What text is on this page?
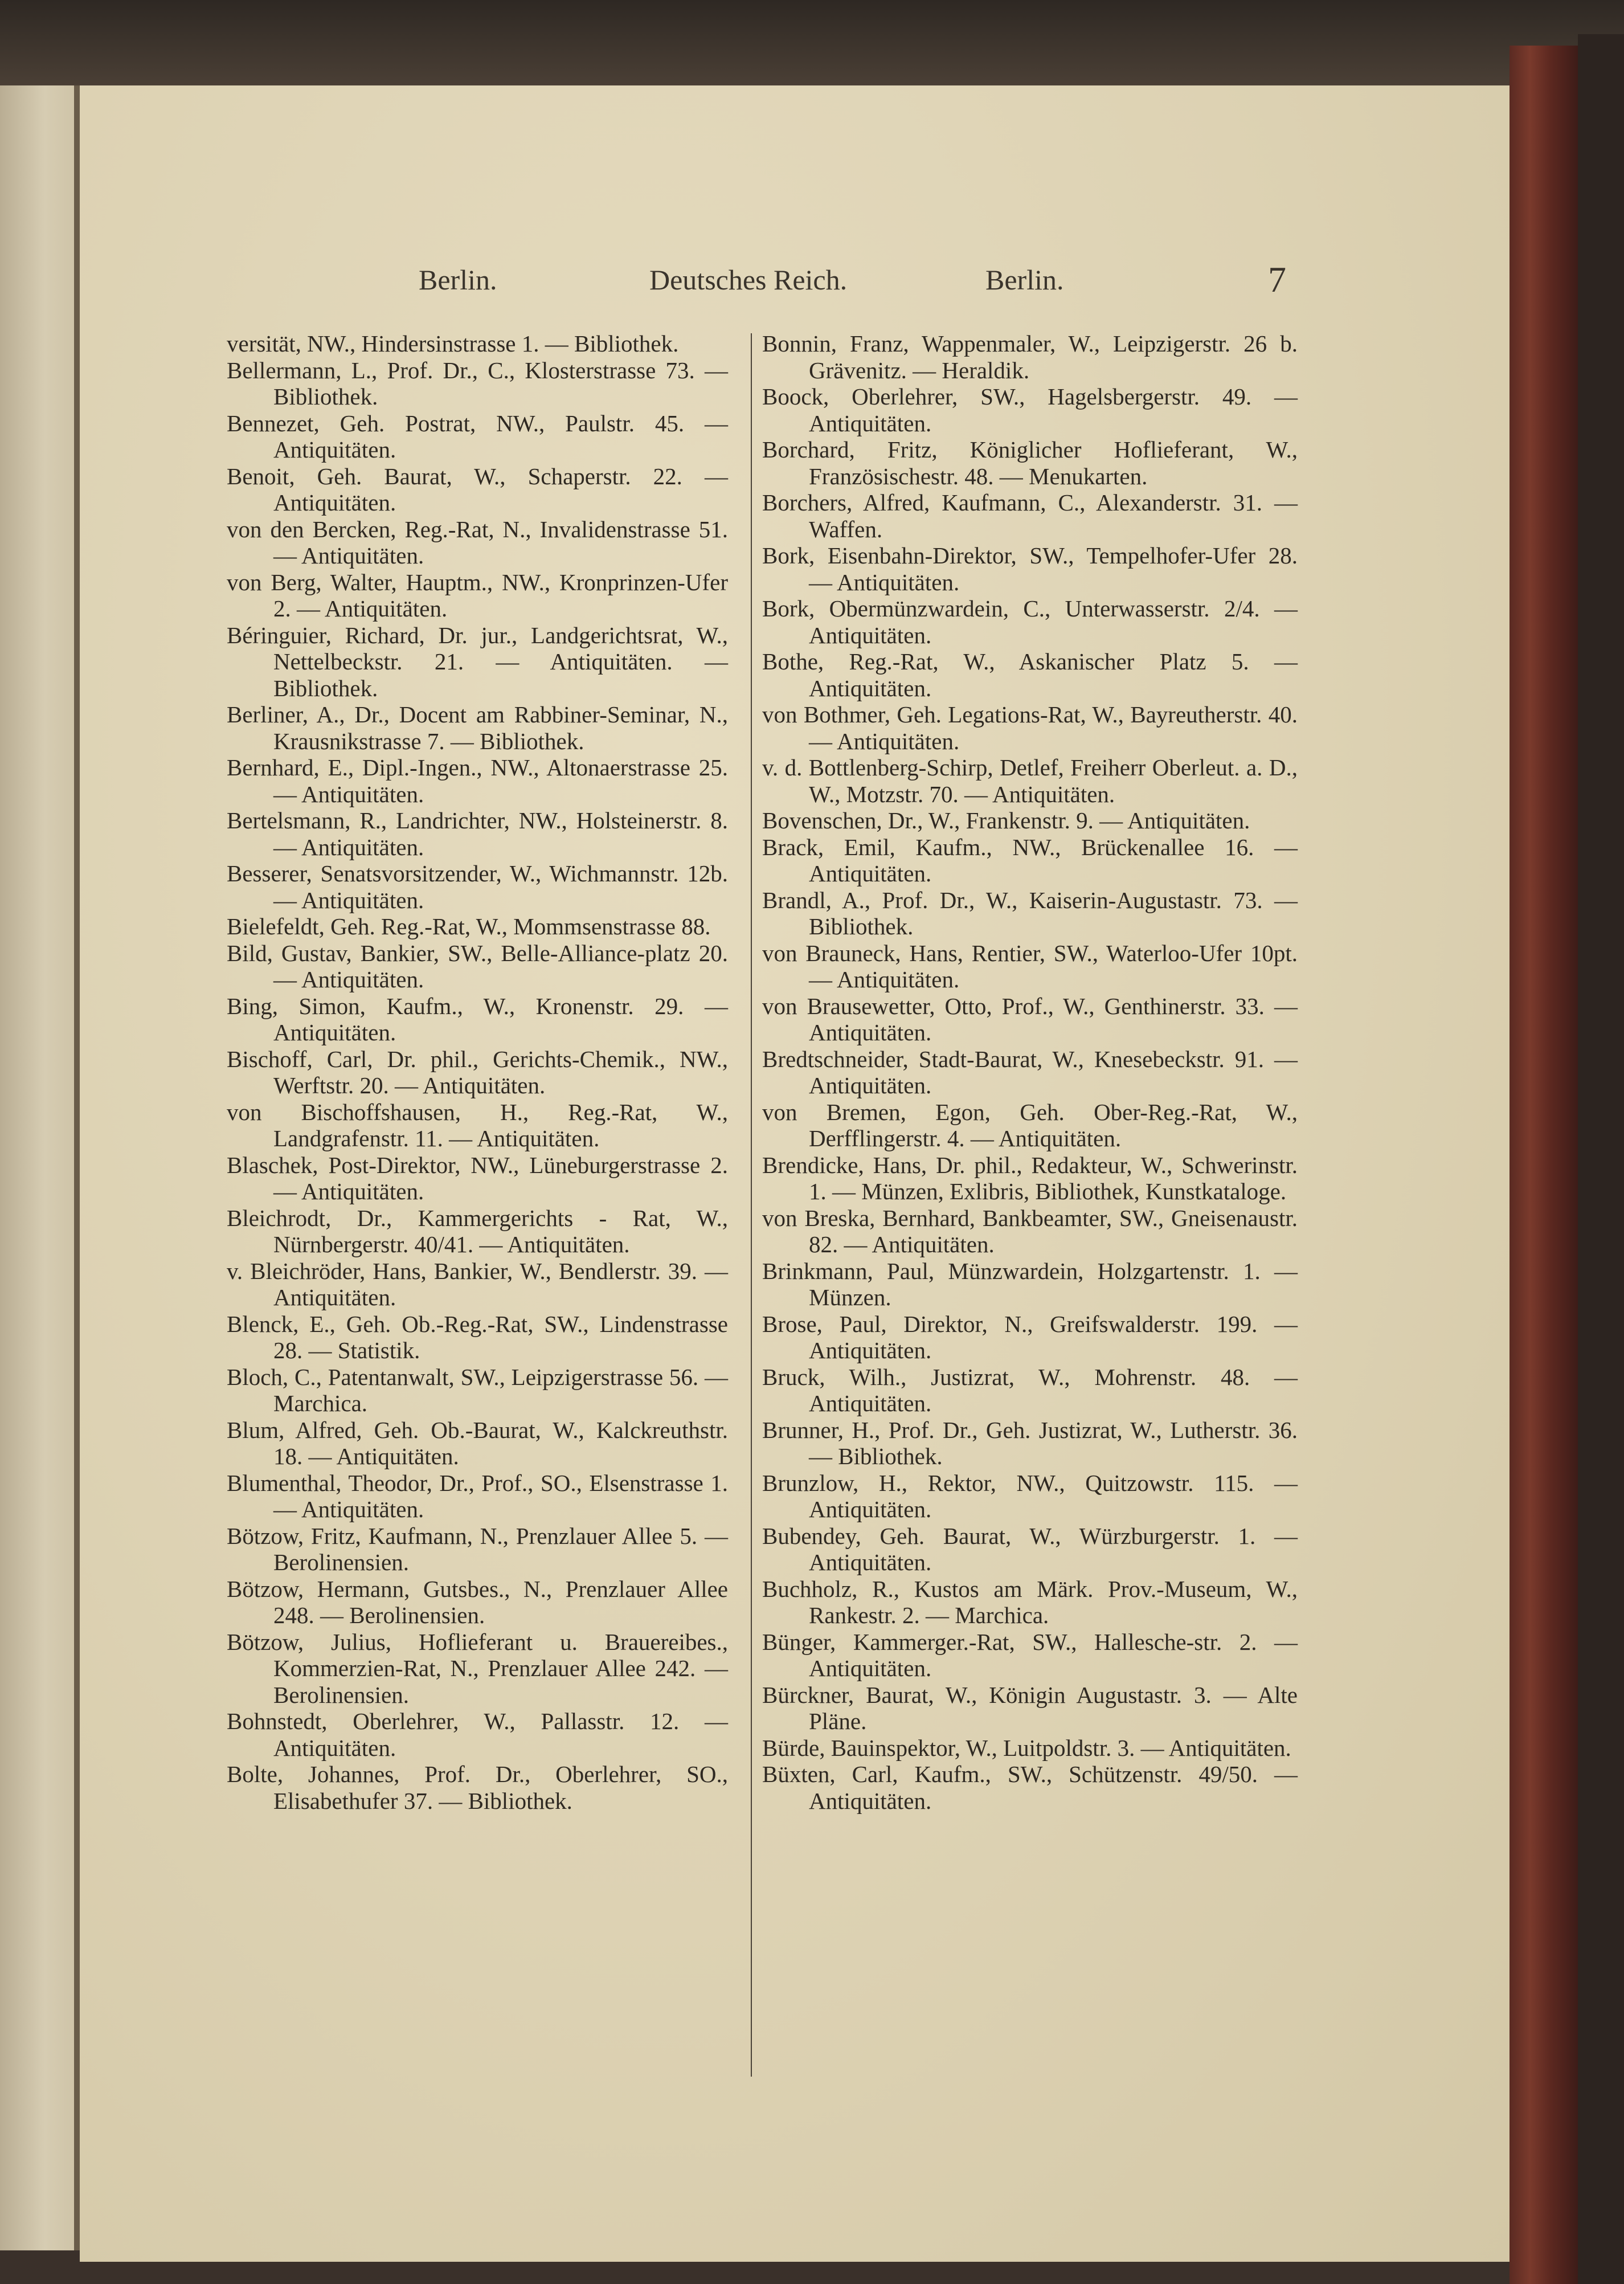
Berlin.	Deutsches Reich.	Berlin.	7

versität, NW., Hindersinstrasse 1. — Bibliothek.

Bellermann, L., Prof. Dr., C., Klosterstrasse 73. — Bibliothek.

Bennezet, Geh. Postrat, NW., Paulstr. 45. — Antiquitäten.

Benoit, Geh. Baurat, W., Schaperstr. 22. — Antiquitäten.

von den Bercken, Reg.-Rat, N., Invalidenstrasse 51. — Antiquitäten.

von Berg, Walter, Hauptm., NW., Kronprinzen-Ufer 2. — Antiquitäten.

Béringuier, Richard, Dr. jur., Landgerichtsrat, W., Nettelbeckstr. 21. — Antiquitäten. — Bibliothek.

Berliner, A., Dr., Docent am Rabbiner-Seminar, N., Krausnikstrasse 7. — Bibliothek.

Bernhard, E., Dipl.-Ingen., NW., Altonaerstrasse 25. — Antiquitäten.

Bertelsmann, R., Landrichter, NW., Holsteinerstr. 8. — Antiquitäten.

Besserer, Senatsvorsitzender, W., Wichmannstr. 12b. — Antiquitäten.

Bielefeldt, Geh. Reg.-Rat, W., Mommsenstrasse 88.

Bild, Gustav, Bankier, SW., Belle-Alliance-platz 20. — Antiquitäten.

Bing, Simon, Kaufm., W., Kronenstr. 29. — Antiquitäten.

Bischoff, Carl, Dr. phil., Gerichts-Chemik., NW., Werftstr. 20. — Antiquitäten.

von Bischoffshausen, H., Reg.-Rat, W., Landgrafenstr. 11. — Antiquitäten.

Blaschek, Post-Direktor, NW., Lüneburgerstrasse 2. — Antiquitäten.

Bleichrodt, Dr., Kammergerichts - Rat, W., Nürnbergerstr. 40/41. — Antiquitäten.

v. Bleichröder, Hans, Bankier, W., Bendlerstr. 39. — Antiquitäten.

Blenck, E., Geh. Ob.-Reg.-Rat, SW., Lindenstrasse 28. — Statistik.

Bloch, C., Patentanwalt, SW., Leipzigerstrasse 56. — Marchica.

Blum, Alfred, Geh. Ob.-Baurat, W., Kalckreuthstr. 18. — Antiquitäten.

Blumenthal, Theodor, Dr., Prof., SO., Elsenstrasse 1. — Antiquitäten.

Bötzow, Fritz, Kaufmann, N., Prenzlauer Allee 5. — Berolinensien.

Bötzow, Hermann, Gutsbes., N., Prenzlauer Allee 248. — Berolinensien.

Bötzow, Julius, Hoflieferant u. Brauereibes., Kommerzien-Rat, N., Prenzlauer Allee 242. — Berolinensien.

Bohnstedt, Oberlehrer, W., Pallasstr. 12. — Antiquitäten.

Bolte, Johannes, Prof. Dr., Oberlehrer, SO., Elisabethufer 37. — Bibliothek.

Bonnin, Franz, Wappenmaler, W., Leipzigerstr. 26 b. Grävenitz. — Heraldik.

Boock, Oberlehrer, SW., Hagelsbergerstr. 49. — Antiquitäten.

Borchard, Fritz, Königlicher Hoflieferant, W., Französischestr. 48. — Menukarten.

Borchers, Alfred, Kaufmann, C., Alexanderstr. 31. — Waffen.

Bork, Eisenbahn-Direktor, SW., Tempelhofer-Ufer 28. — Antiquitäten.

Bork, Obermünzwardein, C., Unterwasserstr. 2/4. — Antiquitäten.

Bothe, Reg.-Rat, W., Askanischer Platz 5. — Antiquitäten.

von Bothmer, Geh. Legations-Rat, W., Bayreutherstr. 40. — Antiquitäten.

v. d. Bottlenberg-Schirp, Detlef, Freiherr Oberleut. a. D., W., Motzstr. 70. — Antiquitäten.

Bovenschen, Dr., W., Frankenstr. 9. — Antiquitäten.

Brack, Emil, Kaufm., NW., Brückenallee 16. — Antiquitäten.

Brandl, A., Prof. Dr., W., Kaiserin-Augustastr. 73. — Bibliothek.

von Brauneck, Hans, Rentier, SW., Waterloo-Ufer 10pt. — Antiquitäten.

von Brausewetter, Otto, Prof., W., Genthinerstr. 33. — Antiquitäten.

Bredtschneider, Stadt-Baurat, W., Knesebeckstr. 91. — Antiquitäten.

von Bremen, Egon, Geh. Ober-Reg.-Rat, W., Derfflingerstr. 4. — Antiquitäten.

Brendicke, Hans, Dr. phil., Redakteur, W., Schwerinstr. 1. — Münzen, Exlibris, Bibliothek, Kunstkataloge.

von Breska, Bernhard, Bankbeamter, SW., Gneisenaustr. 82. — Antiquitäten.

Brinkmann, Paul, Münzwardein, Holzgartenstr. 1. — Münzen.

Brose, Paul, Direktor, N., Greifswalderstr. 199. — Antiquitäten.

Bruck, Wilh., Justizrat, W., Mohrenstr. 48. — Antiquitäten.

Brunner, H., Prof. Dr., Geh. Justizrat, W., Lutherstr. 36. — Bibliothek.

Brunzlow, H., Rektor, NW., Quitzowstr. 115. — Antiquitäten.

Bubendey, Geh. Baurat, W., Würzburgerstr. 1. — Antiquitäten.

Buchholz, R., Kustos am Märk. Prov.-Museum, W., Rankestr. 2. — Marchica.

Bünger, Kammerger.-Rat, SW., Hallesche-str. 2. — Antiquitäten.

Bürckner, Baurat, W., Königin Augustastr. 3. — Alte Pläne.

Bürde, Bauinspektor, W., Luitpoldstr. 3. — Antiquitäten.

Büxten, Carl, Kaufm., SW., Schützenstr. 49/50. — Antiquitäten.
